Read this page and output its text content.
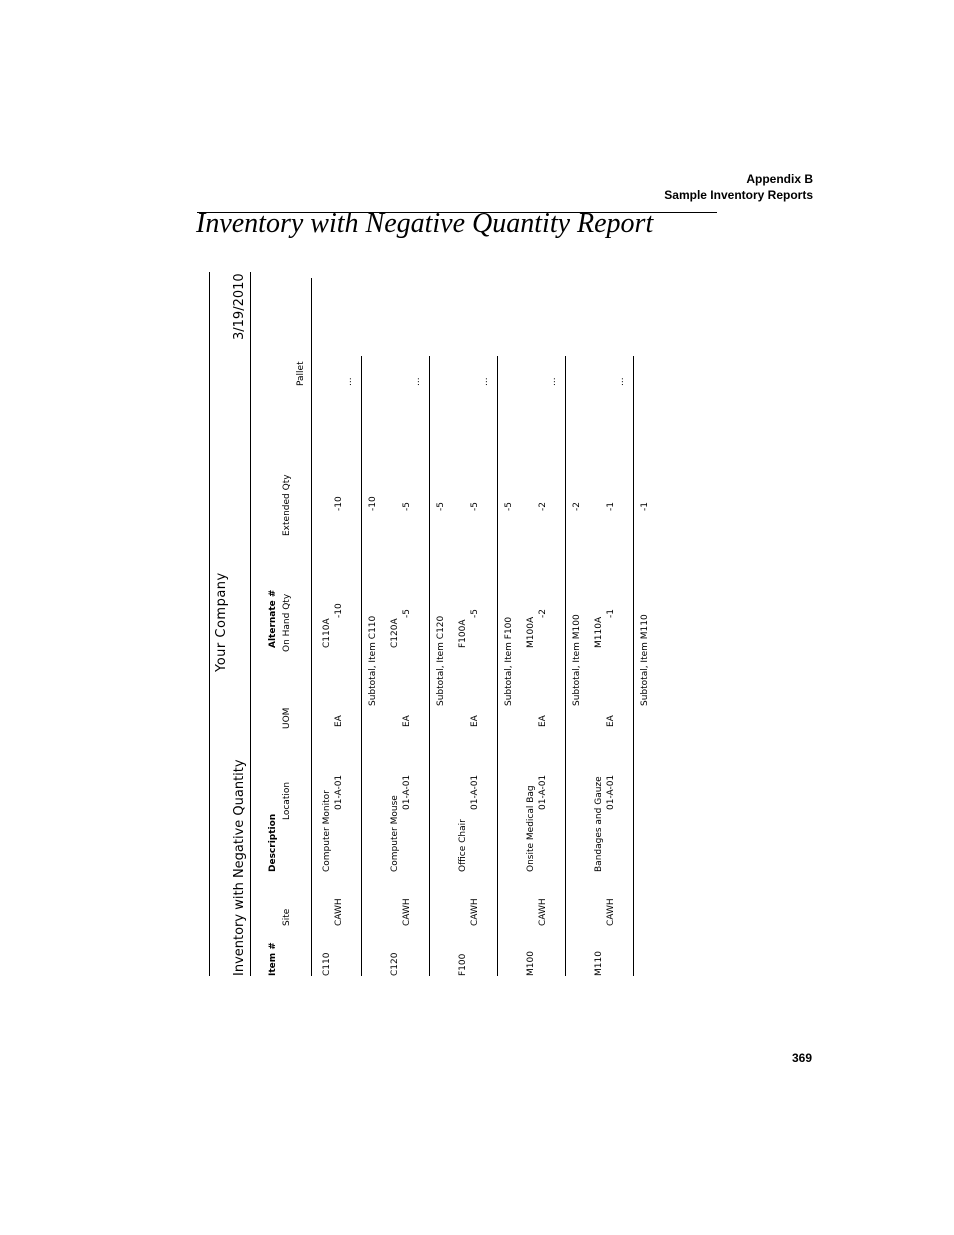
Appendix B
Sample Inventory Reports
Inventory with Negative Quantity Report
Inventory with Negative Quantity
Your Company
3/19/2010
Item #
Description
Alternate #
Site
Location
UOM
On Hand Qty
Extended Qty
Pallet
C110
Computer Monitor
C110A
CAWH
01-A-01
EA
-10
-10
...
Subtotal, Item C110
-10
C120
Computer Mouse
C120A
CAWH
01-A-01
EA
-5
-5
...
Subtotal, Item C120
-5
F100
Office Chair
F100A
CAWH
01-A-01
EA
-5
-5
...
Subtotal, Item F100
-5
M100
Onsite Medical Bag
M100A
CAWH
01-A-01
EA
-2
-2
...
Subtotal, Item M100
-2
M110
Bandages and Gauze
M110A
CAWH
01-A-01
EA
-1
-1
...
Subtotal, Item M110
-1
369
